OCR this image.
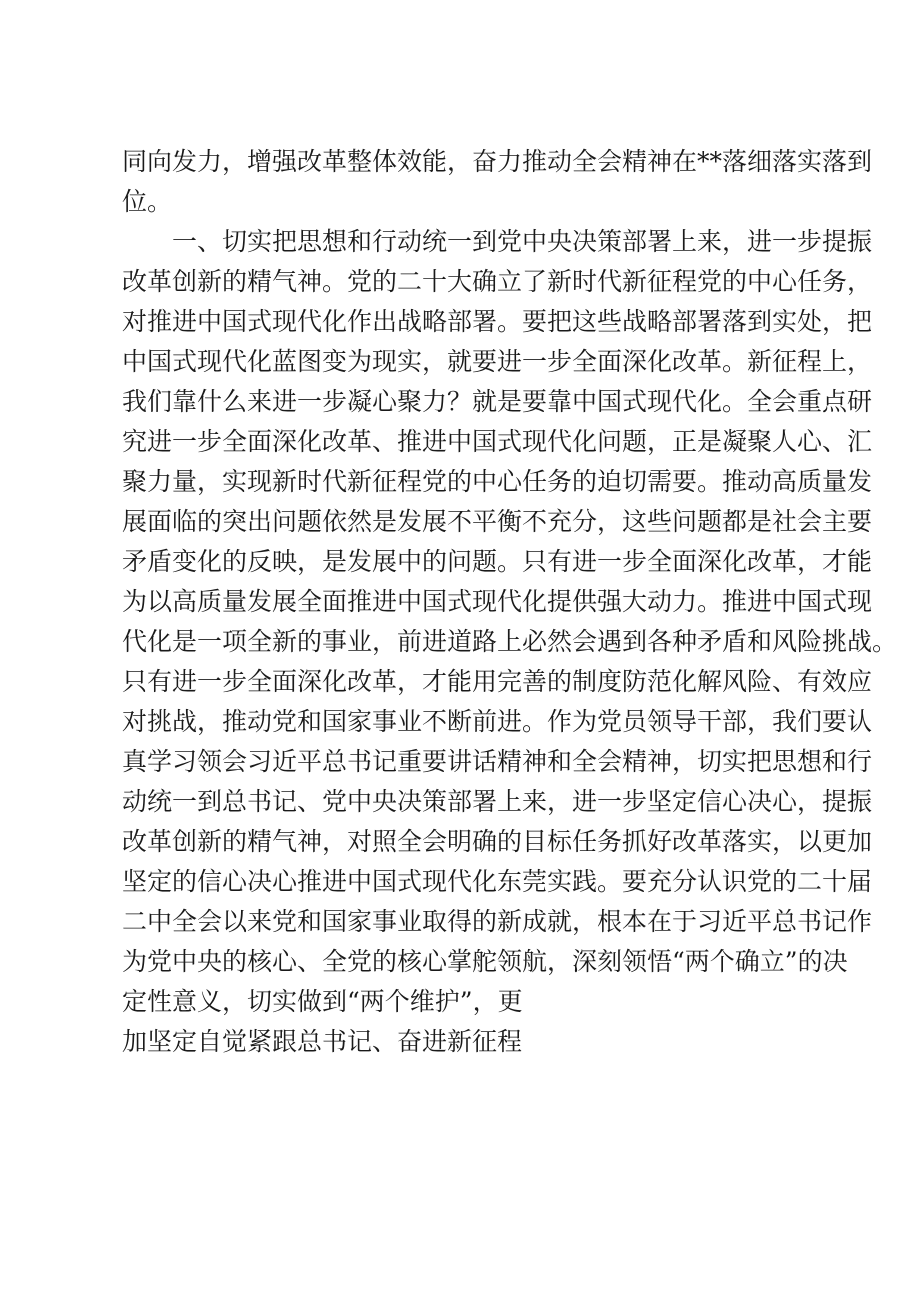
同向发力，增强改革整体效能，奋力推动全会精神在**落细落实落到
位。
一、切实把思想和行动统一到党中央决策部署上来，进一步提振
改革创新的精气神。党的二十大确立了新时代新征程党的中心任务，
对推进中国式现代化作出战略部署。要把这些战略部署落到实处，把
中国式现代化蓝图变为现实，就要进一步全面深化改革。新征程上，
我们靠什么来进一步凝心聚力？就是要靠中国式现代化。全会重点研
究进一步全面深化改革、推进中国式现代化问题，正是凝聚人心、汇
聚力量，实现新时代新征程党的中心任务的迫切需要。推动高质量发
展面临的突出问题依然是发展不平衡不充分，这些问题都是社会主要
矛盾变化的反映，是发展中的问题。只有进一步全面深化改革，才能
为以高质量发展全面推进中国式现代化提供强大动力。推进中国式现
代化是一项全新的事业，前进道路上必然会遇到各种矛盾和风险挑战。
只有进一步全面深化改革，才能用完善的制度防范化解风险、有效应
对挑战，推动党和国家事业不断前进。作为党员领导干部，我们要认
真学习领会习近平总书记重要讲话精神和全会精神，切实把思想和行
动统一到总书记、党中央决策部署上来，进一步坚定信心决心，提振
改革创新的精气神，对照全会明确的目标任务抓好改革落实，以更加
坚定的信心决心推进中国式现代化东莞实践。要充分认识党的二十届
二中全会以来党和国家事业取得的新成就，根本在于习近平总书记作
为党中央的核心、全党的核心掌舵领航，深刻领悟“两个确立”的决
定性意义，切实做到“两个维护”，更
加坚定自觉紧跟总书记、奋进新征程
